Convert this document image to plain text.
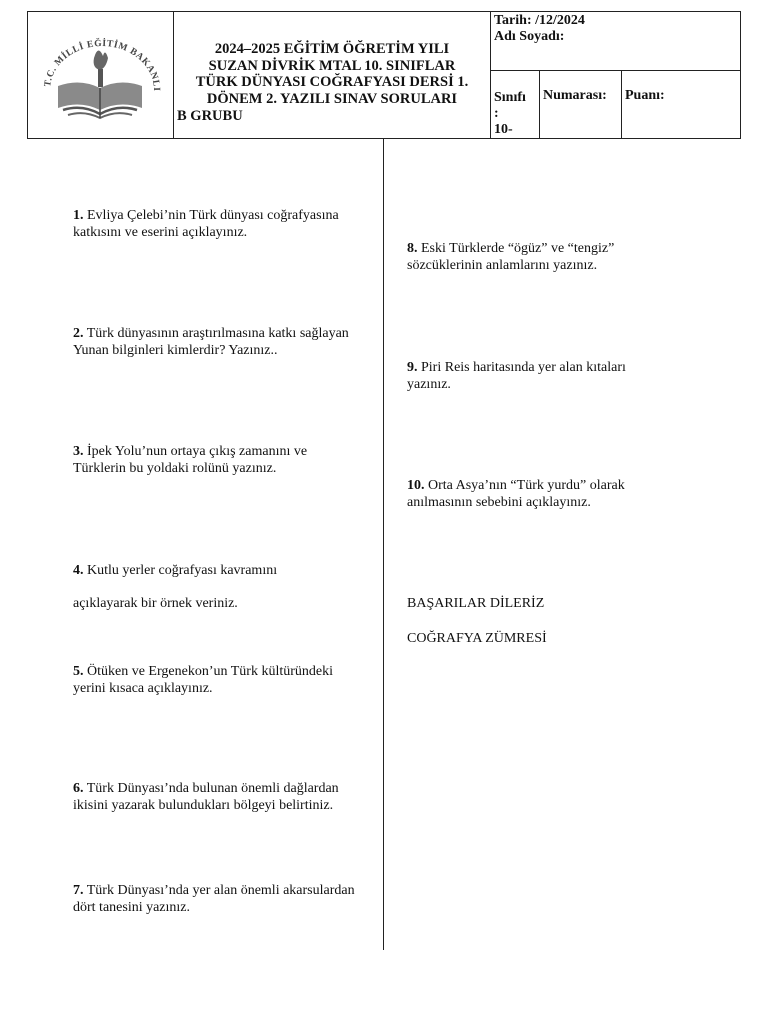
T.C. MİLLİ EĞİTİM BAKANLI
2024–2025 EĞİTİM ÖĞRETİM YILI
SUZAN DİVRİK MTAL 10. SINIFLAR
TÜRK DÜNYASI COĞRAFYASI DERSİ 1.
DÖNEM 2. YAZILI SINAV SORULARI
B GRUBU
Tarih: /12/2024
Adı Soyadı:
Sınıfı
:
10-
Numarası:	Puanı:
1. Evliya Çelebi’nin Türk dünyası coğrafyasına katkısını ve eserini açıklayınız.
2. Türk dünyasının araştırılmasına katkı sağlayan Yunan bilginleri kimlerdir? Yazınız..
3. İpek Yolu’nun ortaya çıkış zamanını ve Türklerin bu yoldaki rolünü yazınız.
4. Kutlu yerler coğrafyası kavramını
açıklayarak bir örnek veriniz.
5. Ötüken ve Ergenekon’un Türk kültüründeki yerini kısaca açıklayınız.
6. Türk Dünyası’nda bulunan önemli dağlardan ikisini yazarak bulundukları bölgeyi belirtiniz.
7. Türk Dünyası’nda yer alan önemli akarsulardan dört tanesini yazınız.
8. Eski Türklerde “ögüz” ve “tengiz” sözcüklerinin anlamlarını yazınız.
9. Piri Reis haritasında yer alan kıtaları yazınız.
10. Orta Asya’nın “Türk yurdu” olarak anılmasının sebebini açıklayınız.
BAŞARILAR DİLERİZ
COĞRAFYA ZÜMRESİ
